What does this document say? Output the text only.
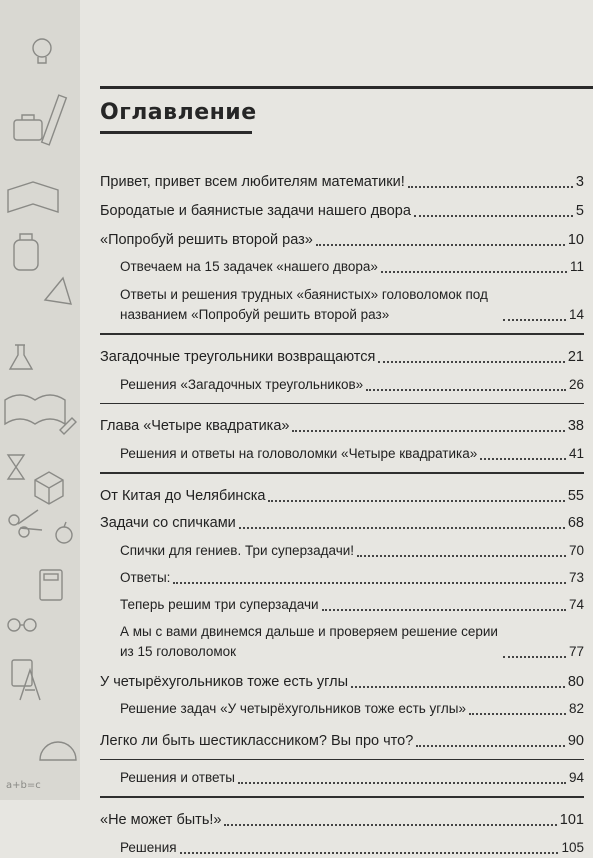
a+b=c
Оглавление
Привет, привет всем любителям математики!	3
Бородатые и баянистые задачи нашего двора	5
«Попробуй решить второй раз»	10
Отвечаем на 15 задачек «нашего двора»	11
Ответы и решения трудных «баянистых» головоломок под названием «Попробуй решить второй раз»	14
Загадочные треугольники возвращаются	21
Решения «Загадочных треугольников»	26
Глава «Четыре квадратика»	38
Решения и ответы на головоломки «Четыре квадратика»	41
От Китая до Челябинска	55
Задачи со спичками	68
Спички для гениев. Три суперзадачи!	70
Ответы:	73
Теперь решим три суперзадачи	74
А мы с вами двинемся дальше и проверяем решение серии из 15 головоломок	77
У четырёхугольников тоже есть углы	80
Решение задач «У четырёхугольников тоже есть углы»	82
Легко ли быть шестиклассником? Вы про что?	90
Решения и ответы	94
«Не может быть!»	101
Решения	105
